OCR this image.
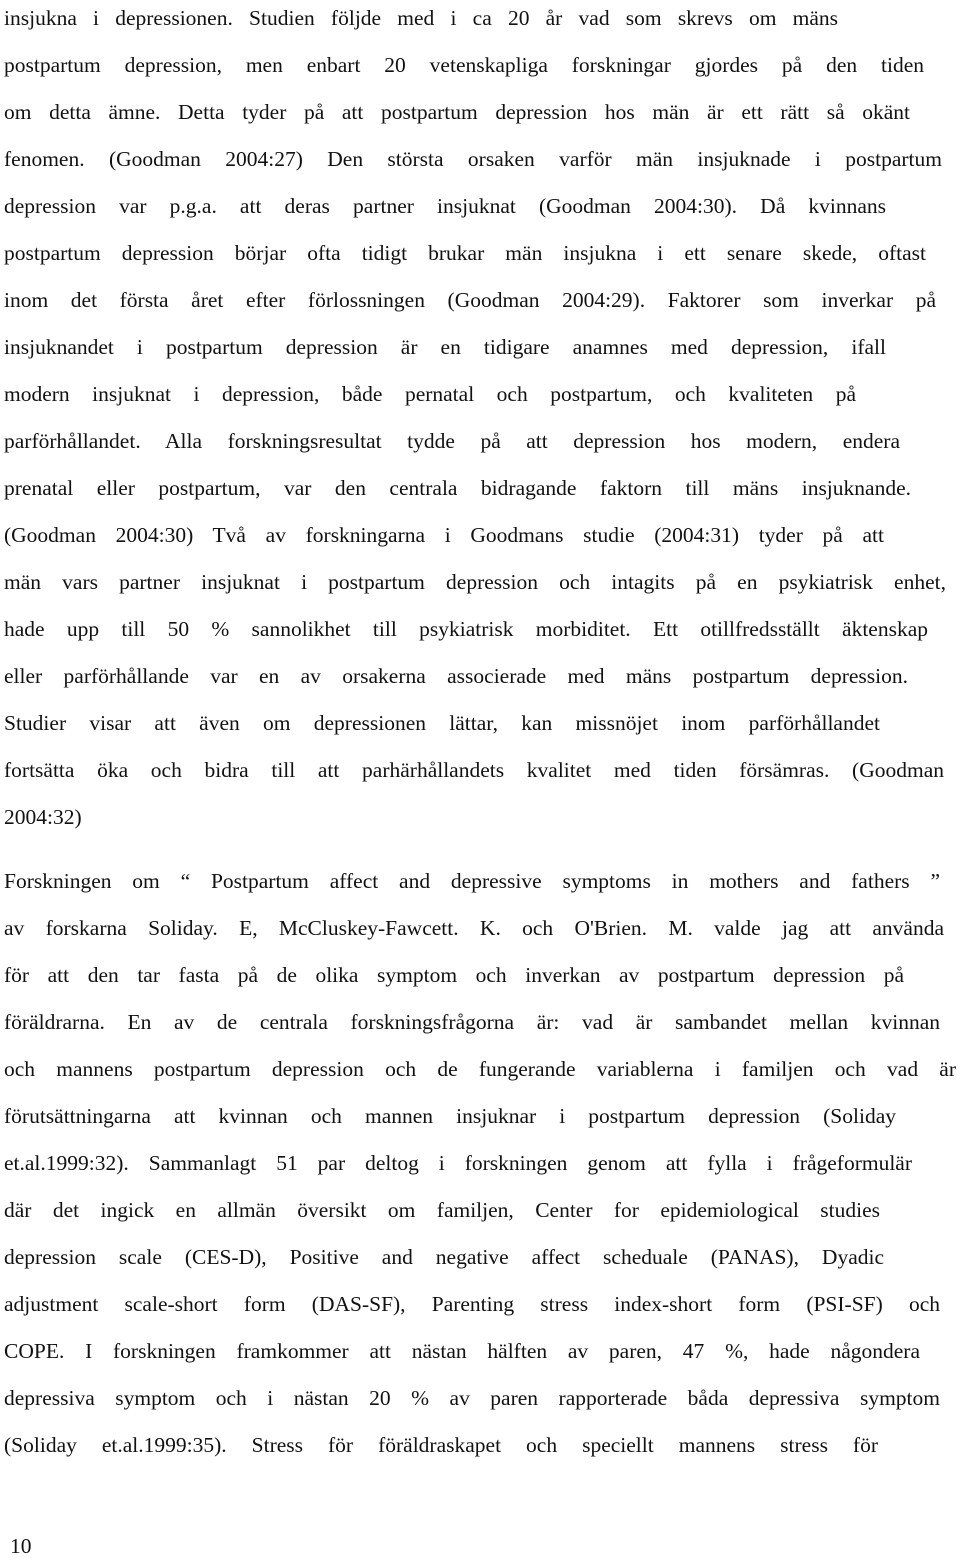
insjukna i depressionen. Studien följde med i ca 20 år vad som skrevs om mäns
postpartum depression, men enbart 20 vetenskapliga forskningar gjordes på den tiden
om detta ämne. Detta tyder på att postpartum depression hos män är ett rätt så okänt
fenomen. (Goodman 2004:27) Den största orsaken varför män insjuknade i postpartum
depression var p.g.a. att deras partner insjuknat (Goodman 2004:30). Då kvinnans
postpartum depression börjar ofta tidigt brukar män insjukna i ett senare skede, oftast
inom det första året efter förlossningen (Goodman 2004:29). Faktorer som inverkar på
insjuknandet i postpartum depression är en tidigare anamnes med depression, ifall
modern insjuknat i depression, både pernatal och postpartum, och kvaliteten på
parförhållandet. Alla forskningsresultat tydde på att depression hos modern, endera
prenatal eller postpartum, var den centrala bidragande faktorn till mäns insjuknande.
(Goodman 2004:30) Två av forskningarna i Goodmans studie (2004:31) tyder på att
män vars partner insjuknat i postpartum depression och intagits på en psykiatrisk enhet,
hade upp till 50 % sannolikhet till psykiatrisk morbiditet. Ett otillfredsställt äktenskap
eller parförhållande var en av orsakerna associerade med mäns postpartum depression.
Studier visar att även om depressionen lättar, kan missnöjet inom parförhållandet
fortsätta öka och bidra till att parhärhållandets kvalitet med tiden försämras. (Goodman
2004:32)

Forskningen om “ Postpartum affect and depressive symptoms in mothers and fathers ”
av forskarna Soliday. E, McCluskey-Fawcett. K. och O'Brien. M. valde jag att använda
för att den tar fasta på de olika symptom och inverkan av postpartum depression på
föräldrarna. En av de centrala forskningsfrågorna är: vad är sambandet mellan kvinnan
och mannens postpartum depression och de fungerande variablerna i familjen och vad är
förutsättningarna att kvinnan och mannen insjuknar i postpartum depression (Soliday
et.al.1999:32). Sammanlagt 51 par deltog i forskningen genom att fylla i frågeformulär
där det ingick en allmän översikt om familjen, Center for epidemiological studies
depression scale (CES-D), Positive and negative affect scheduale (PANAS), Dyadic
adjustment scale-short form (DAS-SF), Parenting stress index-short form (PSI-SF) och
COPE. I forskningen framkommer att nästan hälften av paren, 47 %, hade någondera
depressiva symptom och i nästan 20 % av paren rapporterade båda depressiva symptom
(Soliday et.al.1999:35). Stress för föräldraskapet och speciellt mannens stress för

10
